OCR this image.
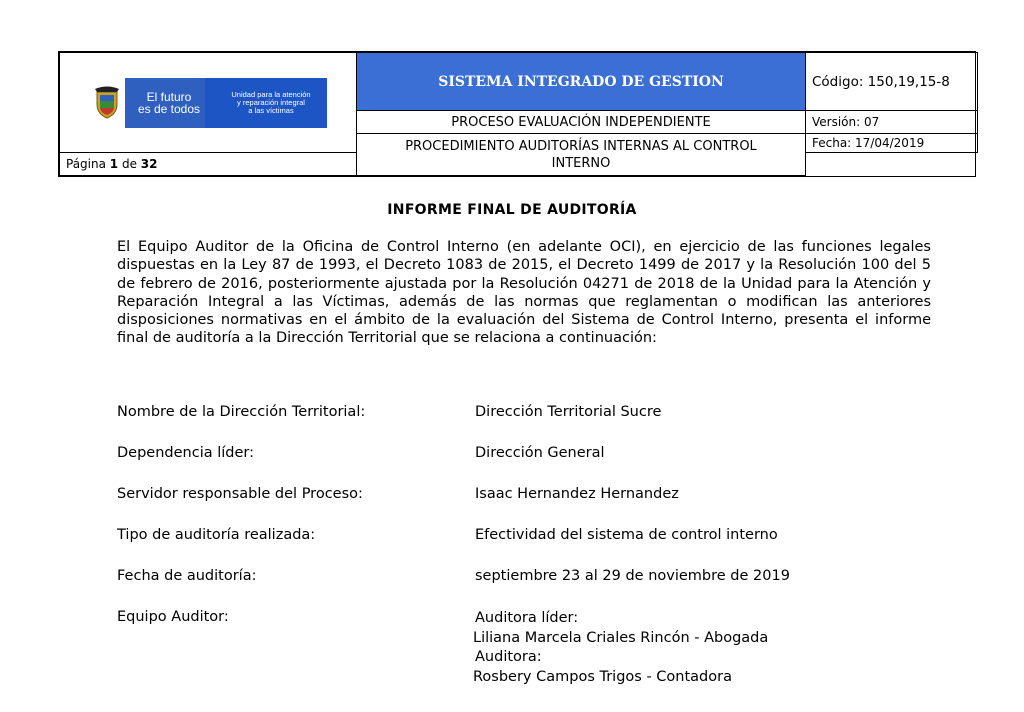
El futuro
es de todos
Unidad para la atención
y reparación integral
a las víctimas	SISTEMA INTEGRADO DE GESTION	Código: 150,19,15-8
	PROCESO EVALUACIÓN INDEPENDIENTE	Versión: 07
	PROCEDIMIENTO AUDITORÍAS INTERNAS AL CONTROL
INTERNO	Fecha: 17/04/2019
Página 1 de 32		
INFORME FINAL DE AUDITORÍA

El Equipo Auditor de la Oficina de Control Interno (en adelante OCI), en ejercicio de las funciones legales dispuestas en la Ley 87 de 1993, el Decreto 1083 de 2015, el Decreto 1499 de 2017 y la Resolución 100 del 5 de febrero de 2016, posteriormente ajustada por la Resolución 04271 de 2018 de la Unidad para la Atención y Reparación Integral a las Víctimas, además de las normas que reglamentan o modifican las anteriores disposiciones normativas en el ámbito de la evaluación del Sistema de Control Interno, presenta el informe final de auditoría a la Dirección Territorial que se relaciona a continuación:

Nombre de la Dirección Territorial:	Dirección Territorial Sucre
Dependencia líder:	Dirección General
Servidor responsable del Proceso:	Isaac Hernandez Hernandez
Tipo de auditoría realizada:	Efectividad del sistema de control interno
Fecha de auditoría:	septiembre 23 al 29 de noviembre de 2019
Equipo Auditor:	Auditora líder:
Liliana Marcela Criales Rincón - Abogada
Auditora:
Rosbery Campos Trigos - Contadora
